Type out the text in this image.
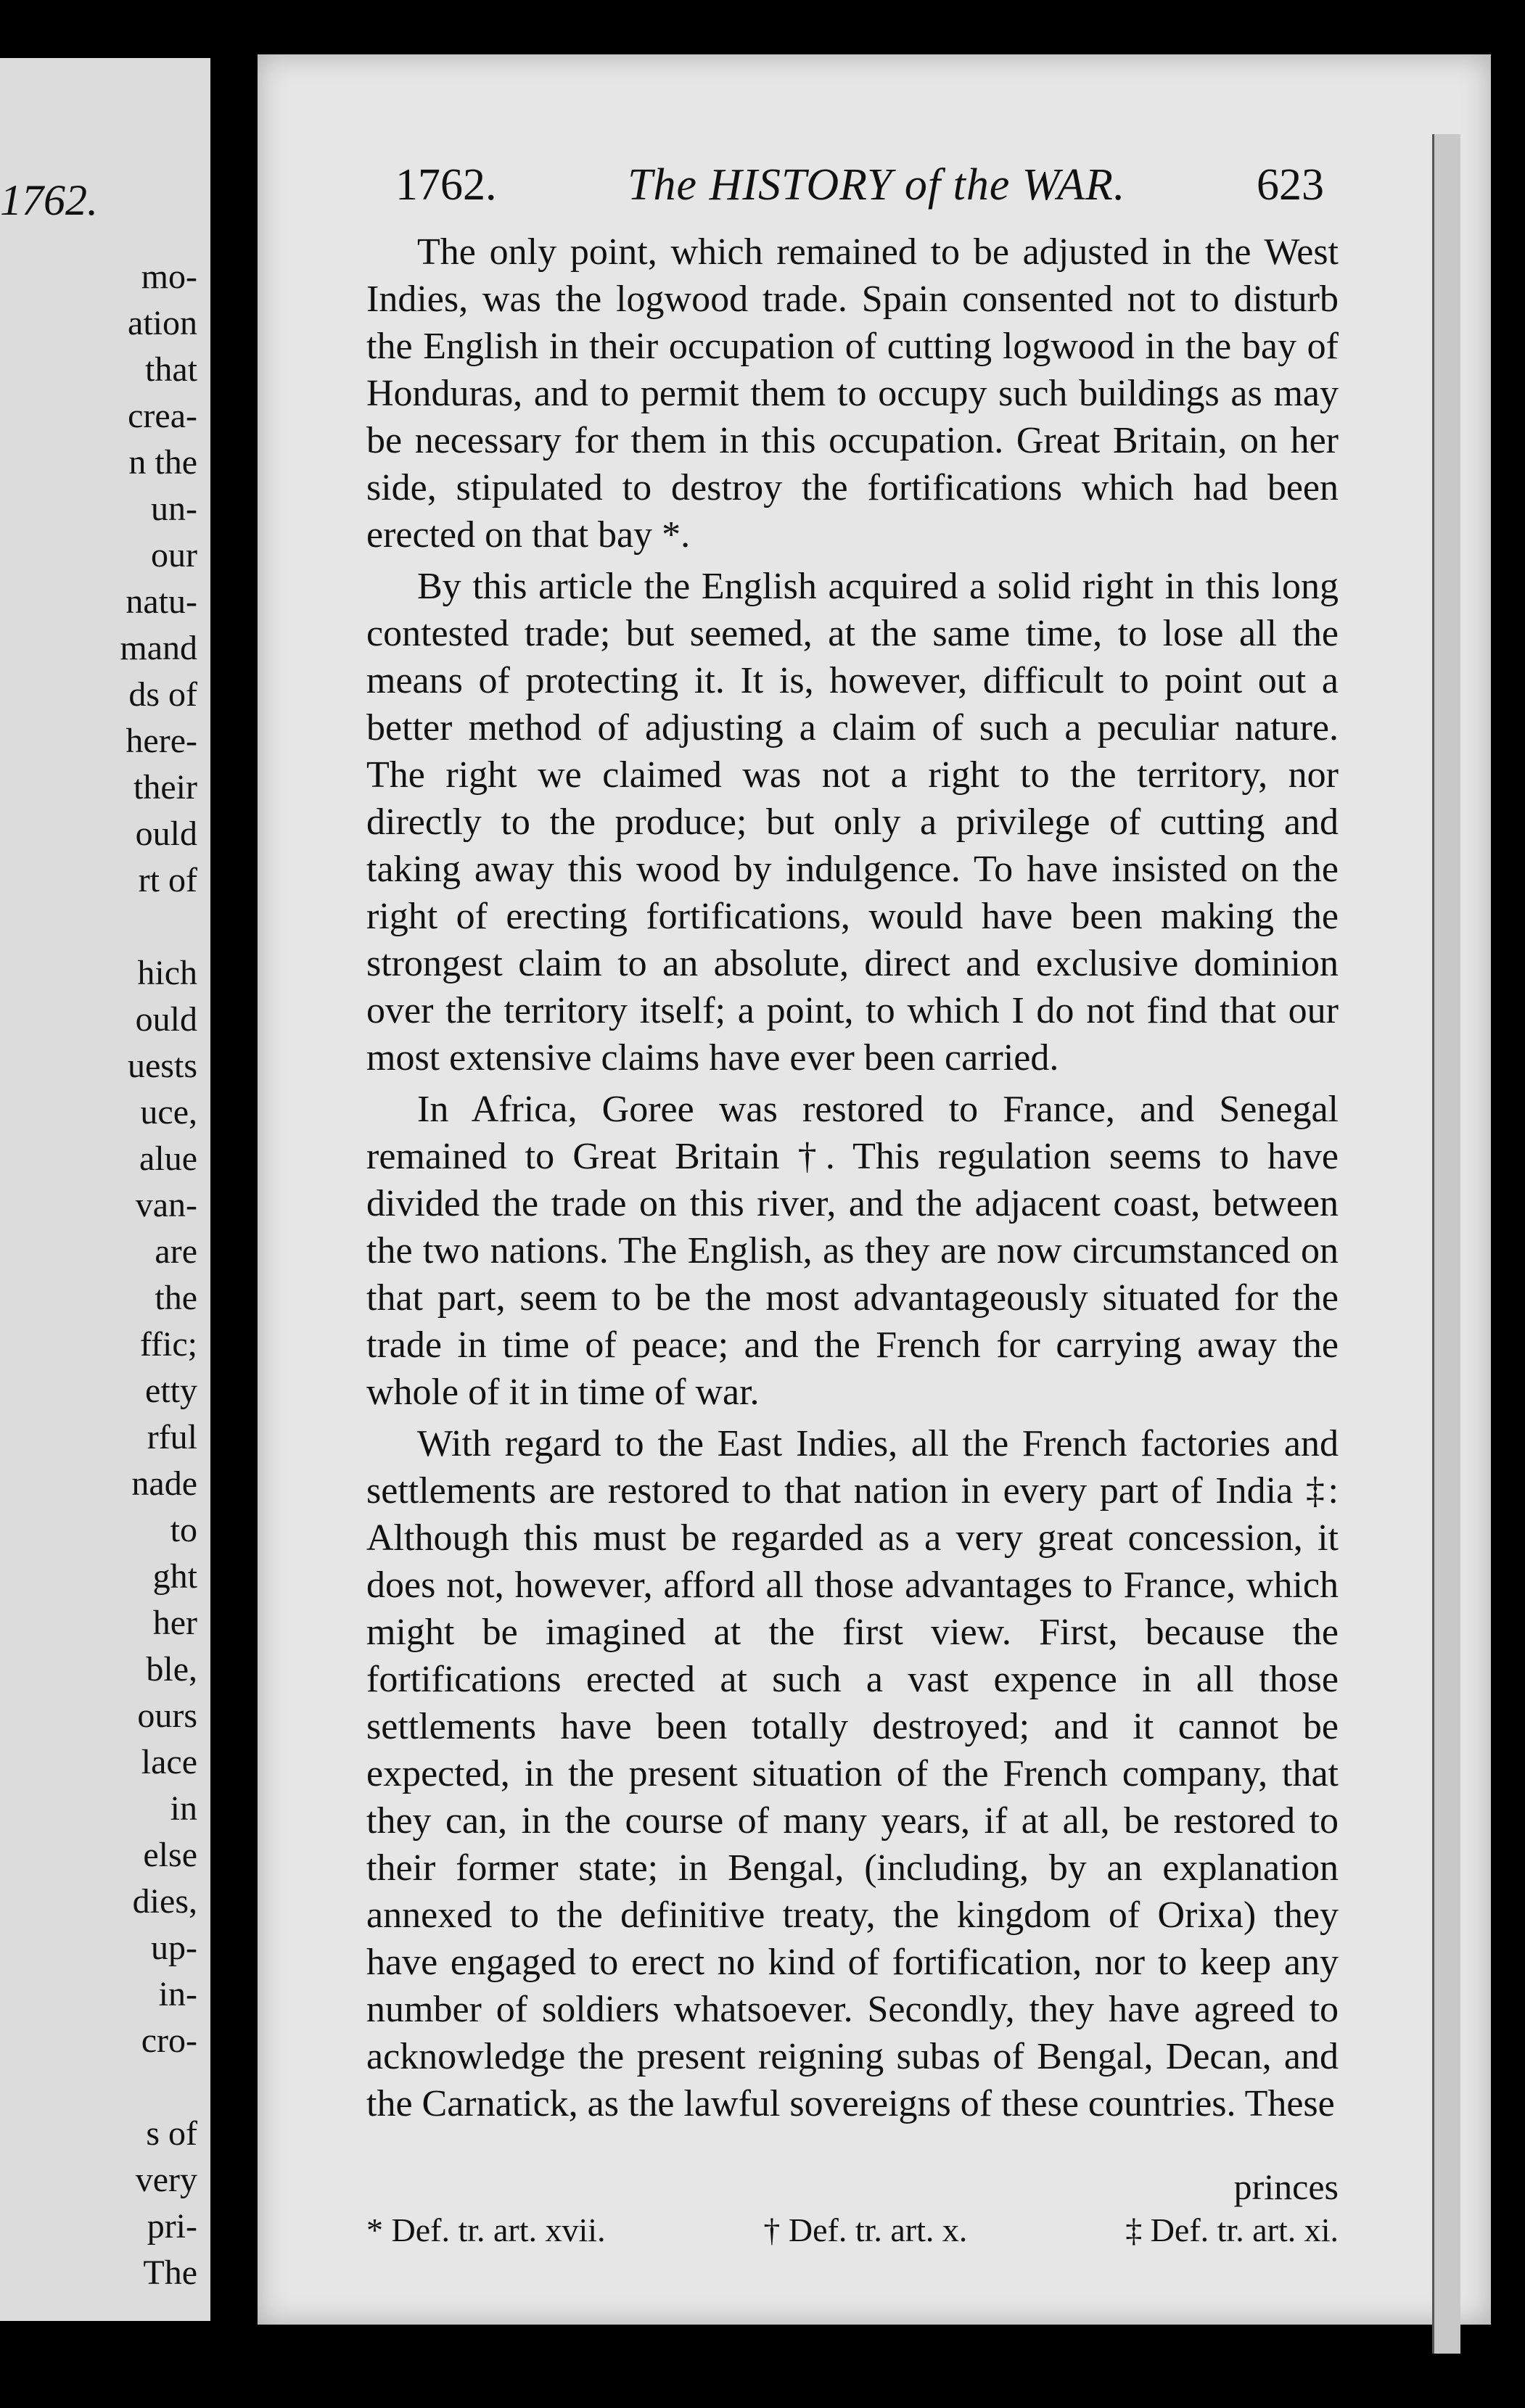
1762.
mo-
ation
that
crea-
n the
un-
our
natu-
mand
ds of
here-
their
ould
rt of

hich
ould
uests
uce,
alue
van-
are
the
ffic;
etty
rful
nade
to
ght
her
ble,
ours
lace
in
else
dies,
up-
in-
cro-

s of
very
pri-
The
1762.	The HISTORY of the WAR.	623

The only point, which remained to be adjusted in the West Indies, was the logwood trade. Spain consented not to disturb the English in their occupation of cutting logwood in the bay of Honduras, and to permit them to occupy such buildings as may be necessary for them in this occupation. Great Britain, on her side, stipulated to destroy the fortifications which had been erected on that bay *.

By this article the English acquired a solid right in this long contested trade; but seemed, at the same time, to lose all the means of protecting it. It is, however, difficult to point out a better method of adjusting a claim of such a peculiar nature. The right we claimed was not a right to the territory, nor directly to the produce; but only a privilege of cutting and taking away this wood by indulgence. To have insisted on the right of erecting fortifications, would have been making the strongest claim to an absolute, direct and exclusive dominion over the territory itself; a point, to which I do not find that our most extensive claims have ever been carried.

In Africa, Goree was restored to France, and Senegal remained to Great Britain †. This regulation seems to have divided the trade on this river, and the adjacent coast, between the two nations. The English, as they are now circumstanced on that part, seem to be the most advantageously situated for the trade in time of peace; and the French for carrying away the whole of it in time of war.

With regard to the East Indies, all the French factories and settlements are restored to that nation in every part of India ‡: Although this must be regarded as a very great concession, it does not, however, afford all those advantages to France, which might be imagined at the first view. First, because the fortifications erected at such a vast expence in all those settlements have been totally destroyed; and it cannot be expected, in the present situation of the French company, that they can, in the course of many years, if at all, be restored to their former state; in Bengal, (including, by an explanation annexed to the definitive treaty, the kingdom of Orixa) they have engaged to erect no kind of fortification, nor to keep any number of soldiers whatsoever. Secondly, they have agreed to acknowledge the present reigning subas of Bengal, Decan, and the Carnatick, as the lawful sovereigns of these countries. These

princes
* Def. tr. art. xvii.	† Def. tr. art. x.	‡ Def. tr. art. xi.
